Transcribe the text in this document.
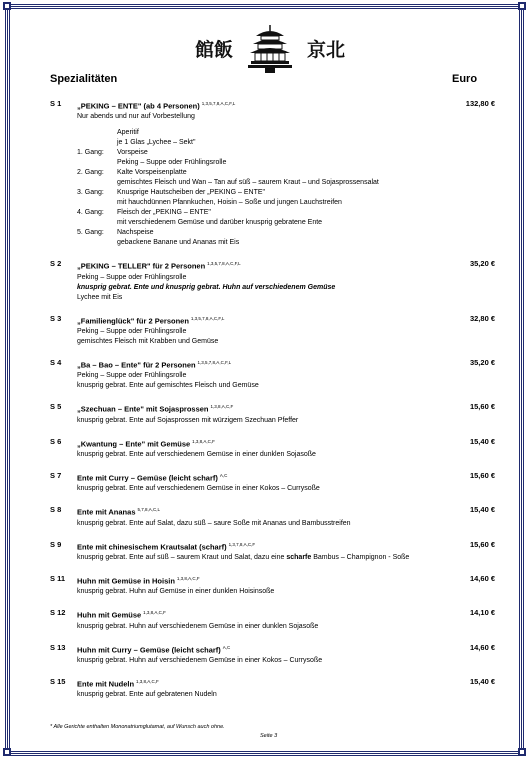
館飯	京北
Spezialitäten	Euro
S 1	132,80 €
„PEKING – ENTE" (ab 4 Personen) $^{1,3,5,7,8,A,C,F,L}$
Nur abends und nur auf Vorbestellung
Aperitif
je 1 Glas „Lychee – Sekt"
1. Gang:	Vorspeise
Peking – Suppe oder Frühlingsrolle
2. Gang:	Kalte Vorspeisenplatte
gemischtes Fleisch und Wan – Tan auf süß – saurem Kraut – und Sojasprossensalat
3. Gang:	Knusprige Hautscheiben der „PEKING – ENTE"
mit hauchdünnen Pfannkuchen, Hoisin – Soße und jungen Lauchstreifen
4. Gang:	Fleisch der „PEKING – ENTE"
mit verschiedenem Gemüse und darüber knusprig gebratene Ente
5. Gang:	Nachspeise
gebackene Banane und Ananas mit Eis
S 2	35,20 €
„PEKING – TELLER" für 2 Personen $^{1,3,5,7,8,A,C,F,L}$
Peking – Suppe oder Frühlingsrolle
knusprig gebrat. Ente und knusprig gebrat. Huhn auf verschiedenem Gemüse
Lychee mit Eis
S 3	32,80 €
„Familienglück" für 2 Personen $^{1,3,5,7,8,A,C,F,L}$
Peking – Suppe oder Frühlingsrolle
gemischtes Fleisch mit Krabben und Gemüse
S 4	35,20 €
„Ba – Bao – Ente" für 2 Personen $^{1,3,5,7,8,A,C,F,L}$
Peking – Suppe oder Frühlingsrolle
knusprig gebrat. Ente auf gemischtes Fleisch und Gemüse
S 5	15,60 €
„Szechuan – Ente" mit Sojasprossen $^{1,3,8,A,C,F}$
knusprig gebrat. Ente auf Sojasprossen mit würzigem Szechuan Pfeffer
S 6	15,40 €
„Kwantung – Ente" mit Gemüse $^{1,3,8,A,C,F}$
knusprig gebrat. Ente auf verschiedenem Gemüse in einer dunklen Sojasoße
S 7	15,60 €
Ente mit Curry – Gemüse (leicht scharf) $^{A,C}$
knusprig gebrat. Ente auf verschiedenem Gemüse in einer Kokos – Currysoße
S 8	15,40 €
Ente mit Ananas $^{5,7,8,A,C,L}$
knusprig gebrat. Ente auf Salat, dazu süß – saure Soße mit Ananas und Bambusstreifen
S 9	15,60 €
Ente mit chinesischem Krautsalat (scharf) $^{1,3,7,8,A,C,F}$
knusprig gebrat. Ente auf süß – saurem Kraut und Salat, dazu eine scharfe Bambus – Champignon - Soße
S 11	14,60 €
Huhn mit Gemüse in Hoisin $^{1,3,8,A,C,F}$
knusprig gebrat. Huhn auf Gemüse in einer dunklen Hoisinsoße
S 12	14,10 €
Huhn mit Gemüse $^{1,3,8,A,C,F}$
knusprig gebrat. Huhn auf verschiedenem Gemüse in einer dunklen Sojasoße
S 13	14,60 €
Huhn mit Curry – Gemüse (leicht scharf) $^{A,C}$
knusprig gebrat. Huhn auf verschiedenem Gemüse in einer Kokos – Currysoße
S 15	15,40 €
Ente mit Nudeln $^{1,3,8,A,C,F}$
knusprig gebrat. Ente auf gebratenen Nudeln
* Alle Gerichte enthalten Mononatriumglutamat, auf Wunsch auch ohne.
Seite 3
